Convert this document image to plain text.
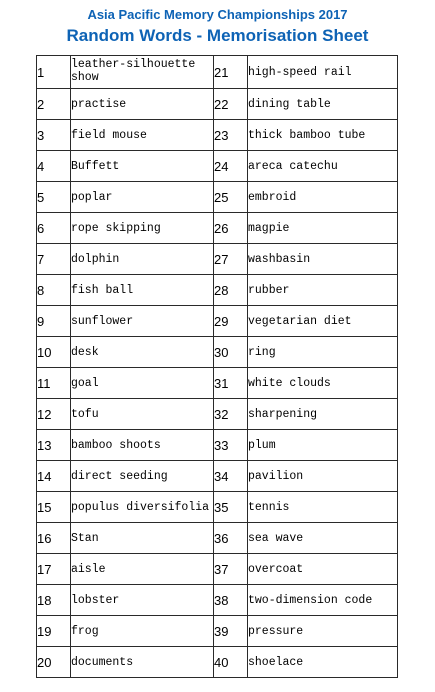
Asia Pacific Memory Championships 2017
Random Words - Memorisation Sheet
1	leather-silhouette show	21	high-speed rail
2	practise	22	dining table
3	field mouse	23	thick bamboo tube
4	Buffett	24	areca catechu
5	poplar	25	embroid
6	rope skipping	26	magpie
7	dolphin	27	washbasin
8	fish ball	28	rubber
9	sunflower	29	vegetarian diet
10	desk	30	ring
11	goal	31	white clouds
12	tofu	32	sharpening
13	bamboo shoots	33	plum
14	direct seeding	34	pavilion
15	populus diversifolia	35	tennis
16	Stan	36	sea wave
17	aisle	37	overcoat
18	lobster	38	two-dimension code
19	frog	39	pressure
20	documents	40	shoelace
